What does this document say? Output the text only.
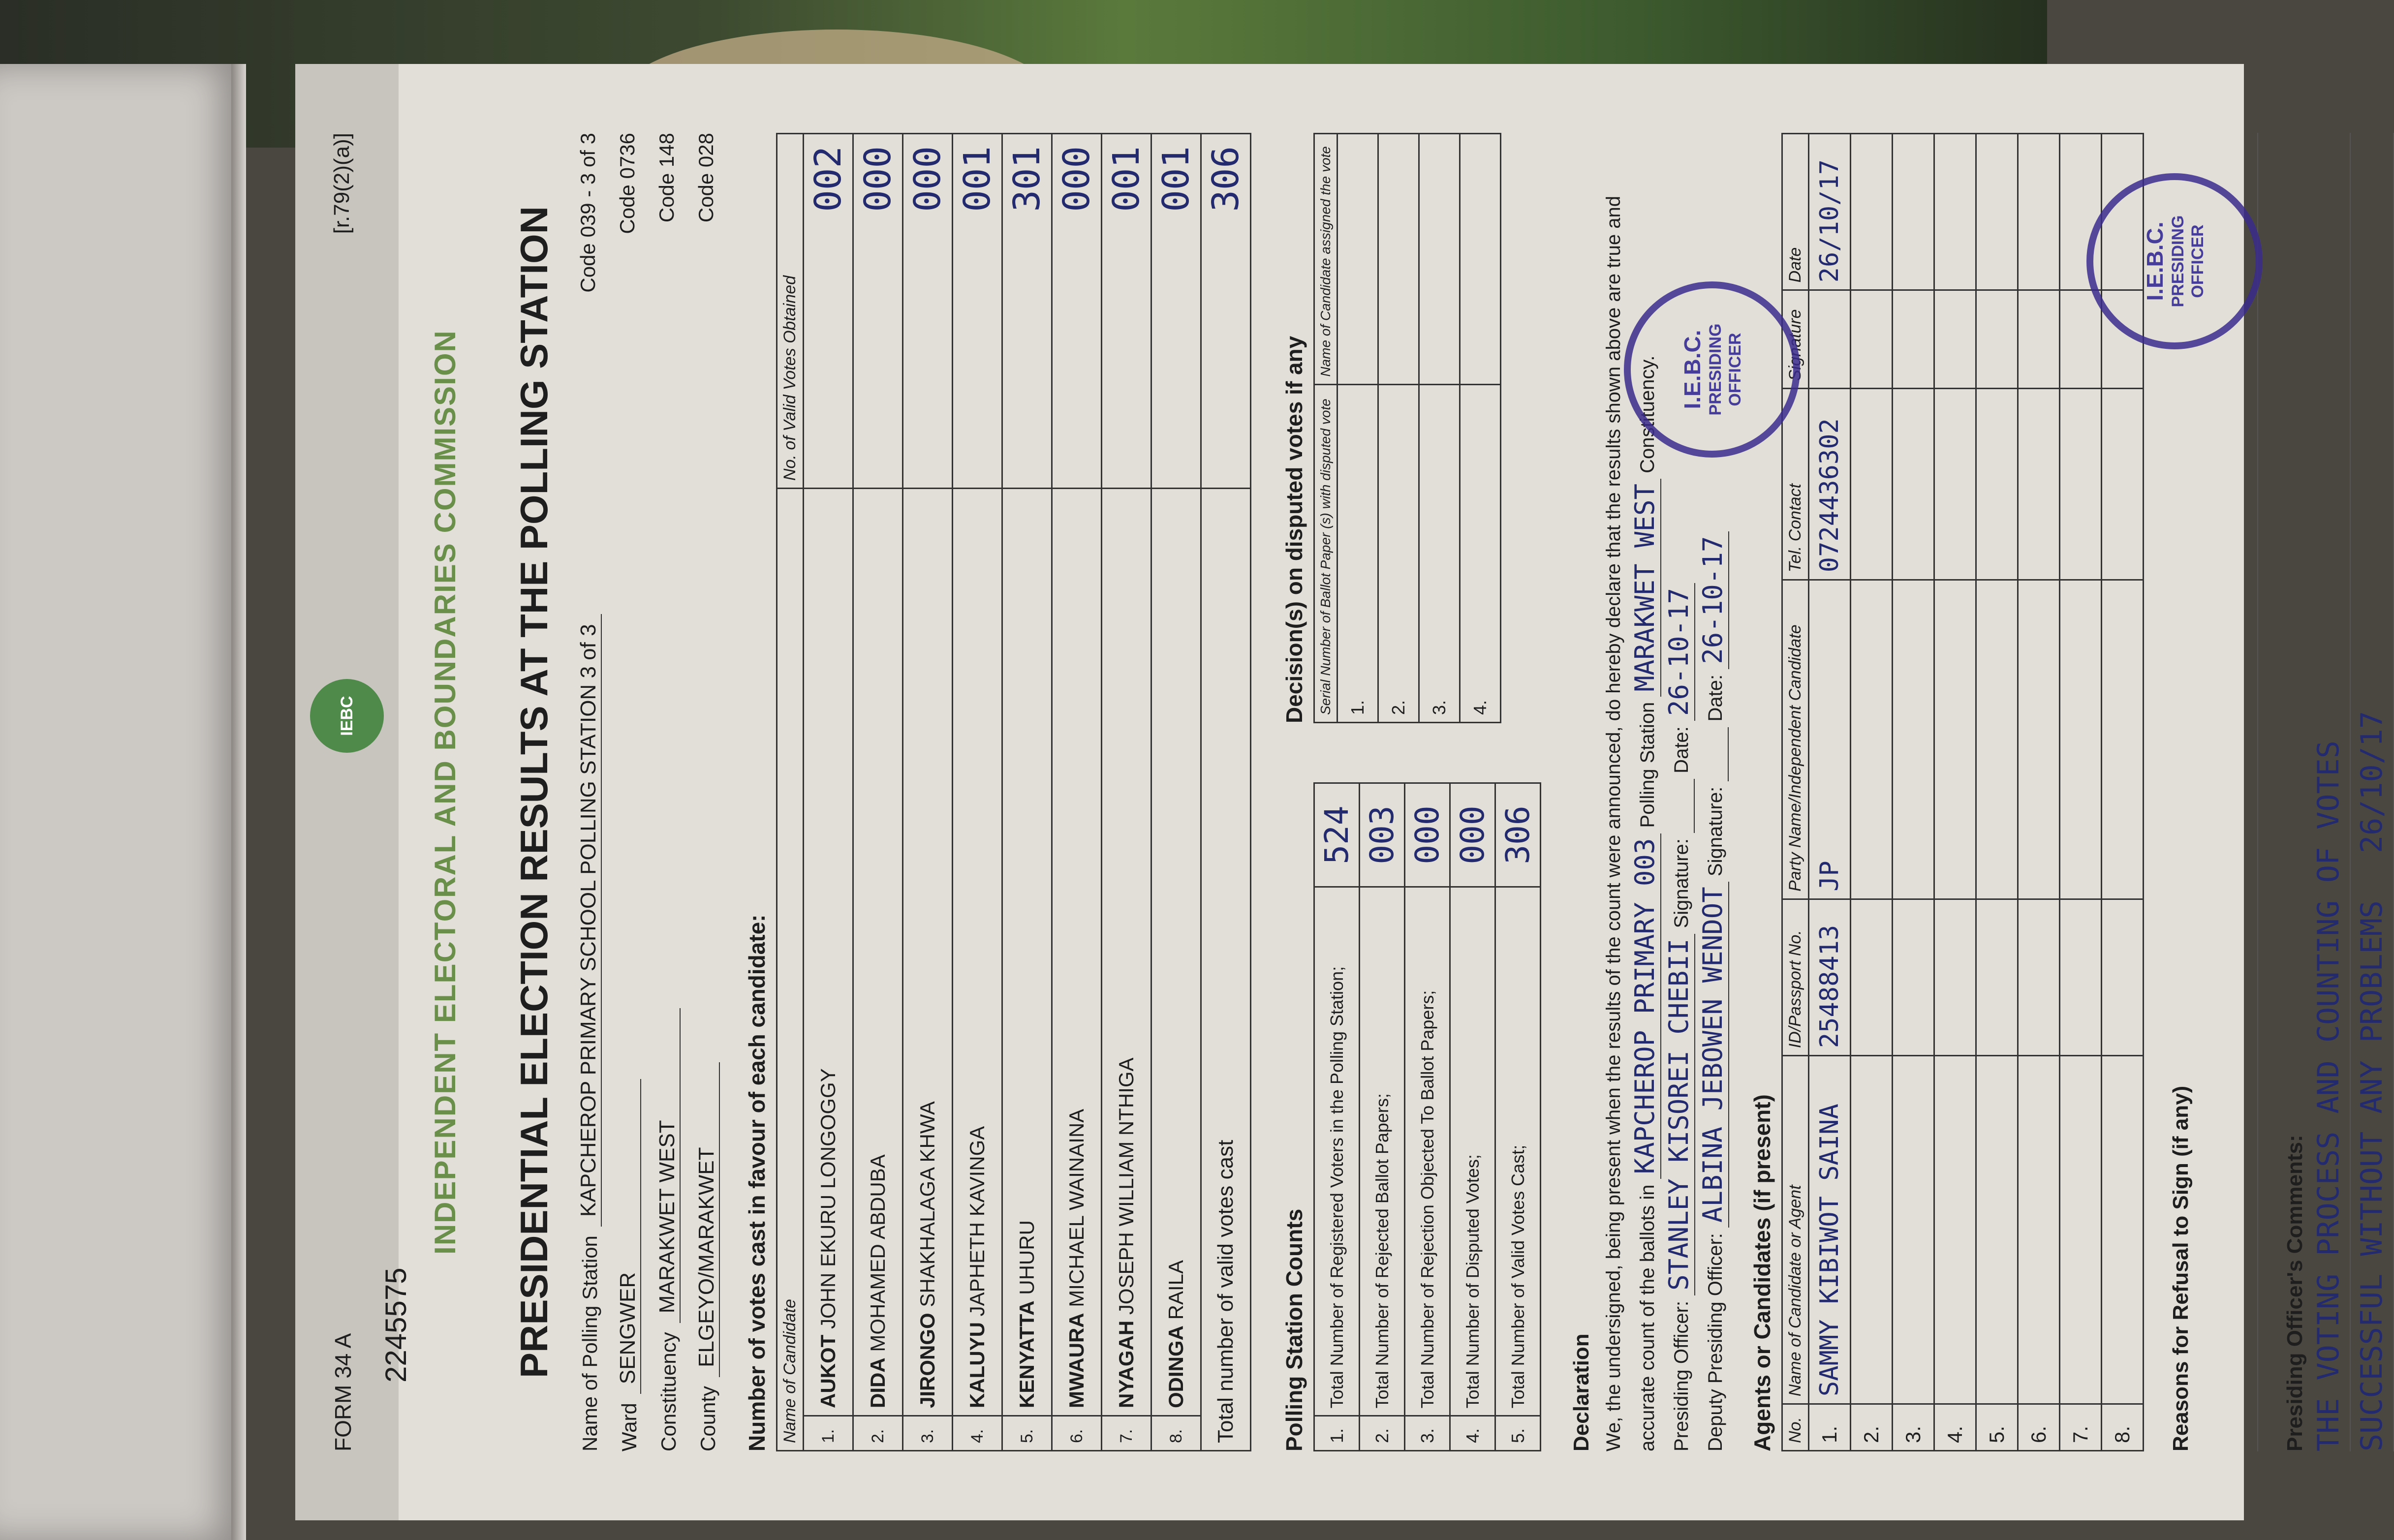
FORM 34 A
2245575
IEBC
[r.79(2)(a)]
INDEPENDENT ELECTORAL AND BOUNDARIES COMMISSION PRESIDENTIAL ELECTION RESULTS AT THE POLLING STATION Name of Polling Station
KAPCHEROP PRIMARY SCHOOL POLLING STATION 3 of 3
Ward
SENGWER
Constituency
MARAKWET WEST
County
ELGEYO/MARAKWET
Code 039 - 3 of 3 Code 0736 Code 148 Code 028
Number of votes cast in favour of each candidate: Name of Candidate		No. of Valid Votes Obtained
1.	AUKOT JOHN EKURU LONGOGGY	002
2.	DIDA MOHAMED ABDUBA	000
3.	JIRONGO SHAKHALAGA KHWA	000
4.	KALUYU JAPHETH KAVINGA	001
5.	KENYATTA UHURU	301
6.	MWAURA MICHAEL WAINAINA	000
7.	NYAGAH JOSEPH WILLIAM NTHIGA	001
8.	ODINGA RAILA	001
Total number of valid votes cast		306
Polling Station Counts 1.	Total Number of Registered Voters in the Polling Station;	524
2.	Total Number of Rejected Ballot Papers;	003
3.	Total Number of Rejection Objected To Ballot Papers;	000
4.	Total Number of Disputed Votes;	000
5.	Total Number of Valid Votes Cast;	306
Decision(s) on disputed votes if any Serial Number of Ballot Paper (s) with disputed vote	Name of Candidate assigned the vote
1.	
2.	
3.	
4.	
Declaration We, the undersigned, being present when the results of the count were announced, do hereby declare that the results shown above are true and accurate count of the ballots in KAPCHEROP PRIMARY 003 Polling Station MARAKWET WEST Constituency.
Presiding Officer: STANLEY KISOREI CHEBII Signature:        Date: 26-10-17
Deputy Presiding Officer: ALBINA JEBOWEN WENDOT Signature:        Date: 26-10-17
Agents or Candidates (if present) No.	Name of Candidate or Agent	ID/Passport No.	Party Name/Independent Candidate	Tel. Contact	Signature	Date
1.	SAMMY KIBIWOT SAINA	25488413	JP	0724436302		26/10/17
2.						
3.						
4.						
5.						
6.						
7.						
8.						Reasons for Refusal to Sign (if any)	Presiding Officer's Comments: THE VOTING PROCESS AND COUNTING OF VOTES SUCCESSFUL WITHOUT ANY PROBLEMS 26/10/17
I.E.B.C. PRESIDING OFFICER
I.E.B.C. PRESIDING OFFICER
